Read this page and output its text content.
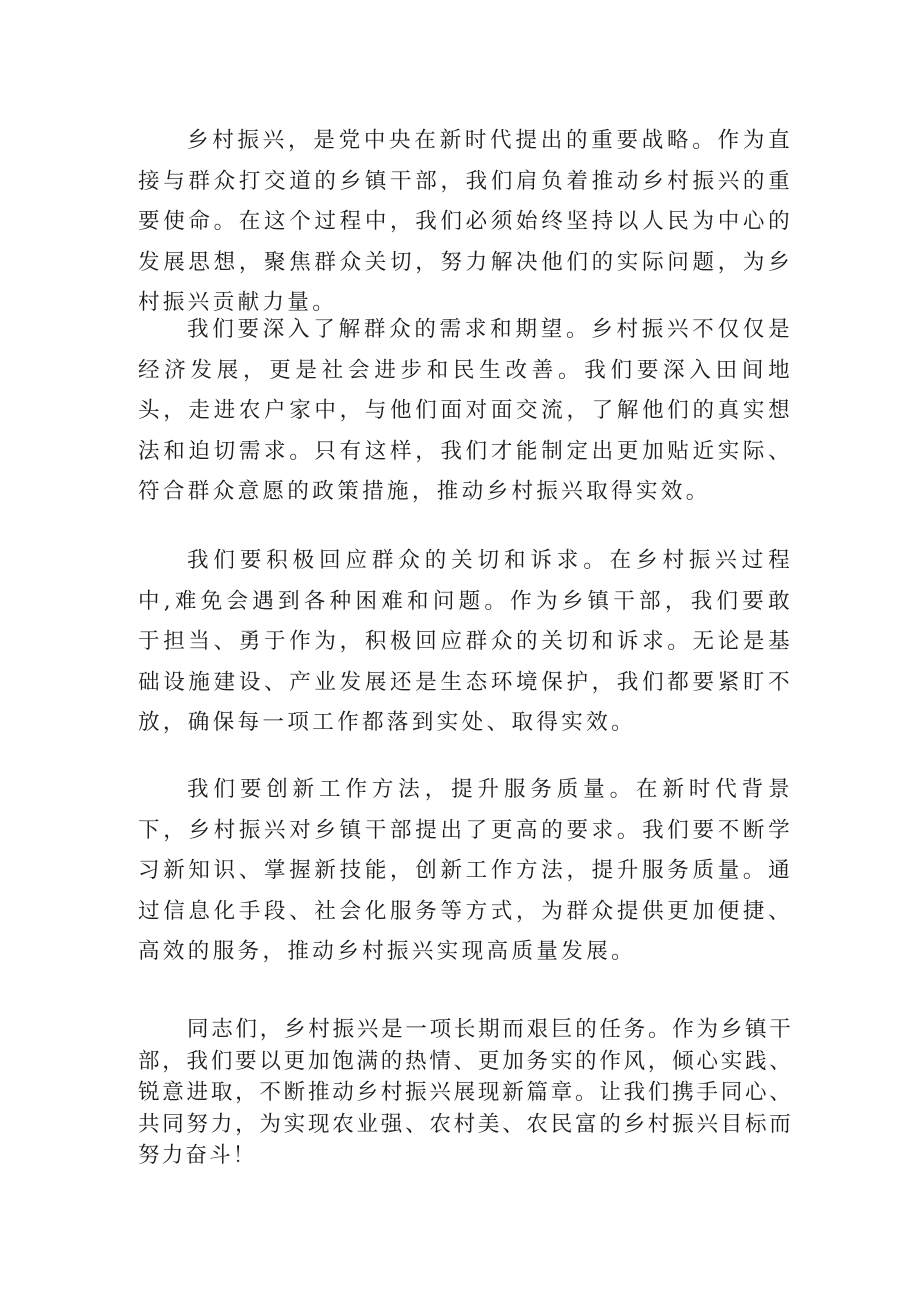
乡村振兴，是党中央在新时代提出的重要战略。作为直接与群众打交道的乡镇干部，我们肩负着推动乡村振兴的重要使命。在这个过程中，我们必须始终坚持以人民为中心的发展思想，聚焦群众关切，努力解决他们的实际问题，为乡村振兴贡献力量。

我们要深入了解群众的需求和期望。乡村振兴不仅仅是经济发展，更是社会进步和民生改善。我们要深入田间地头，走进农户家中，与他们面对面交流，了解他们的真实想法和迫切需求。只有这样，我们才能制定出更加贴近实际、符合群众意愿的政策措施，推动乡村振兴取得实效。

我们要积极回应群众的关切和诉求。在乡村振兴过程中,难免会遇到各种困难和问题。作为乡镇干部，我们要敢于担当、勇于作为，积极回应群众的关切和诉求。无论是基础设施建设、产业发展还是生态环境保护，我们都要紧盯不放，确保每一项工作都落到实处、取得实效。

我们要创新工作方法，提升服务质量。在新时代背景下，乡村振兴对乡镇干部提出了更高的要求。我们要不断学习新知识、掌握新技能，创新工作方法，提升服务质量。通过信息化手段、社会化服务等方式，为群众提供更加便捷、高效的服务，推动乡村振兴实现高质量发展。

同志们，乡村振兴是一项长期而艰巨的任务。作为乡镇干部，我们要以更加饱满的热情、更加务实的作风，倾心实践、锐意进取，不断推动乡村振兴展现新篇章。让我们携手同心、共同努力，为实现农业强、农村美、农民富的乡村振兴目标而努力奋斗！
